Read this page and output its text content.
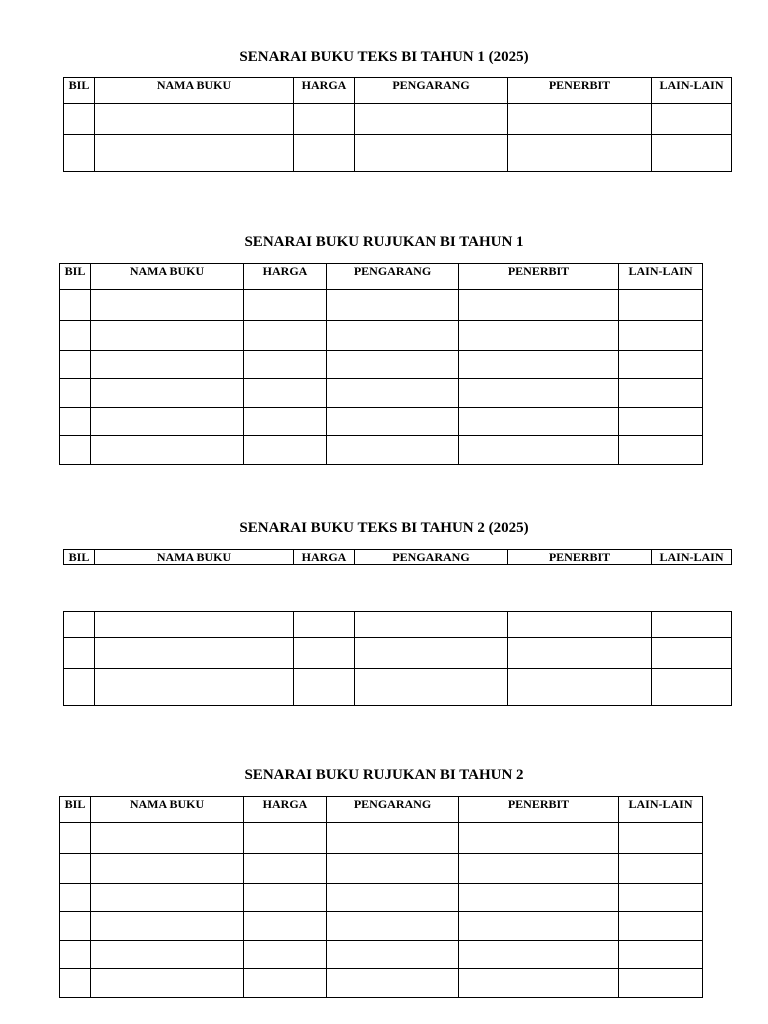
SENARAI BUKU TEKS BI TAHUN 1 (2025)
BIL	NAMA BUKU	HARGA	PENGARANG	PENERBIT	LAIN-LAIN

SENARAI BUKU RUJUKAN BI TAHUN 1
BIL	NAMA BUKU	HARGA	PENGARANG	PENERBIT	LAIN-LAIN

SENARAI BUKU TEKS BI TAHUN 2 (2025)
BIL	NAMA BUKU	HARGA	PENGARANG	PENERBIT	LAIN-LAIN

SENARAI BUKU RUJUKAN BI TAHUN 2
BIL	NAMA BUKU	HARGA	PENGARANG	PENERBIT	LAIN-LAIN
